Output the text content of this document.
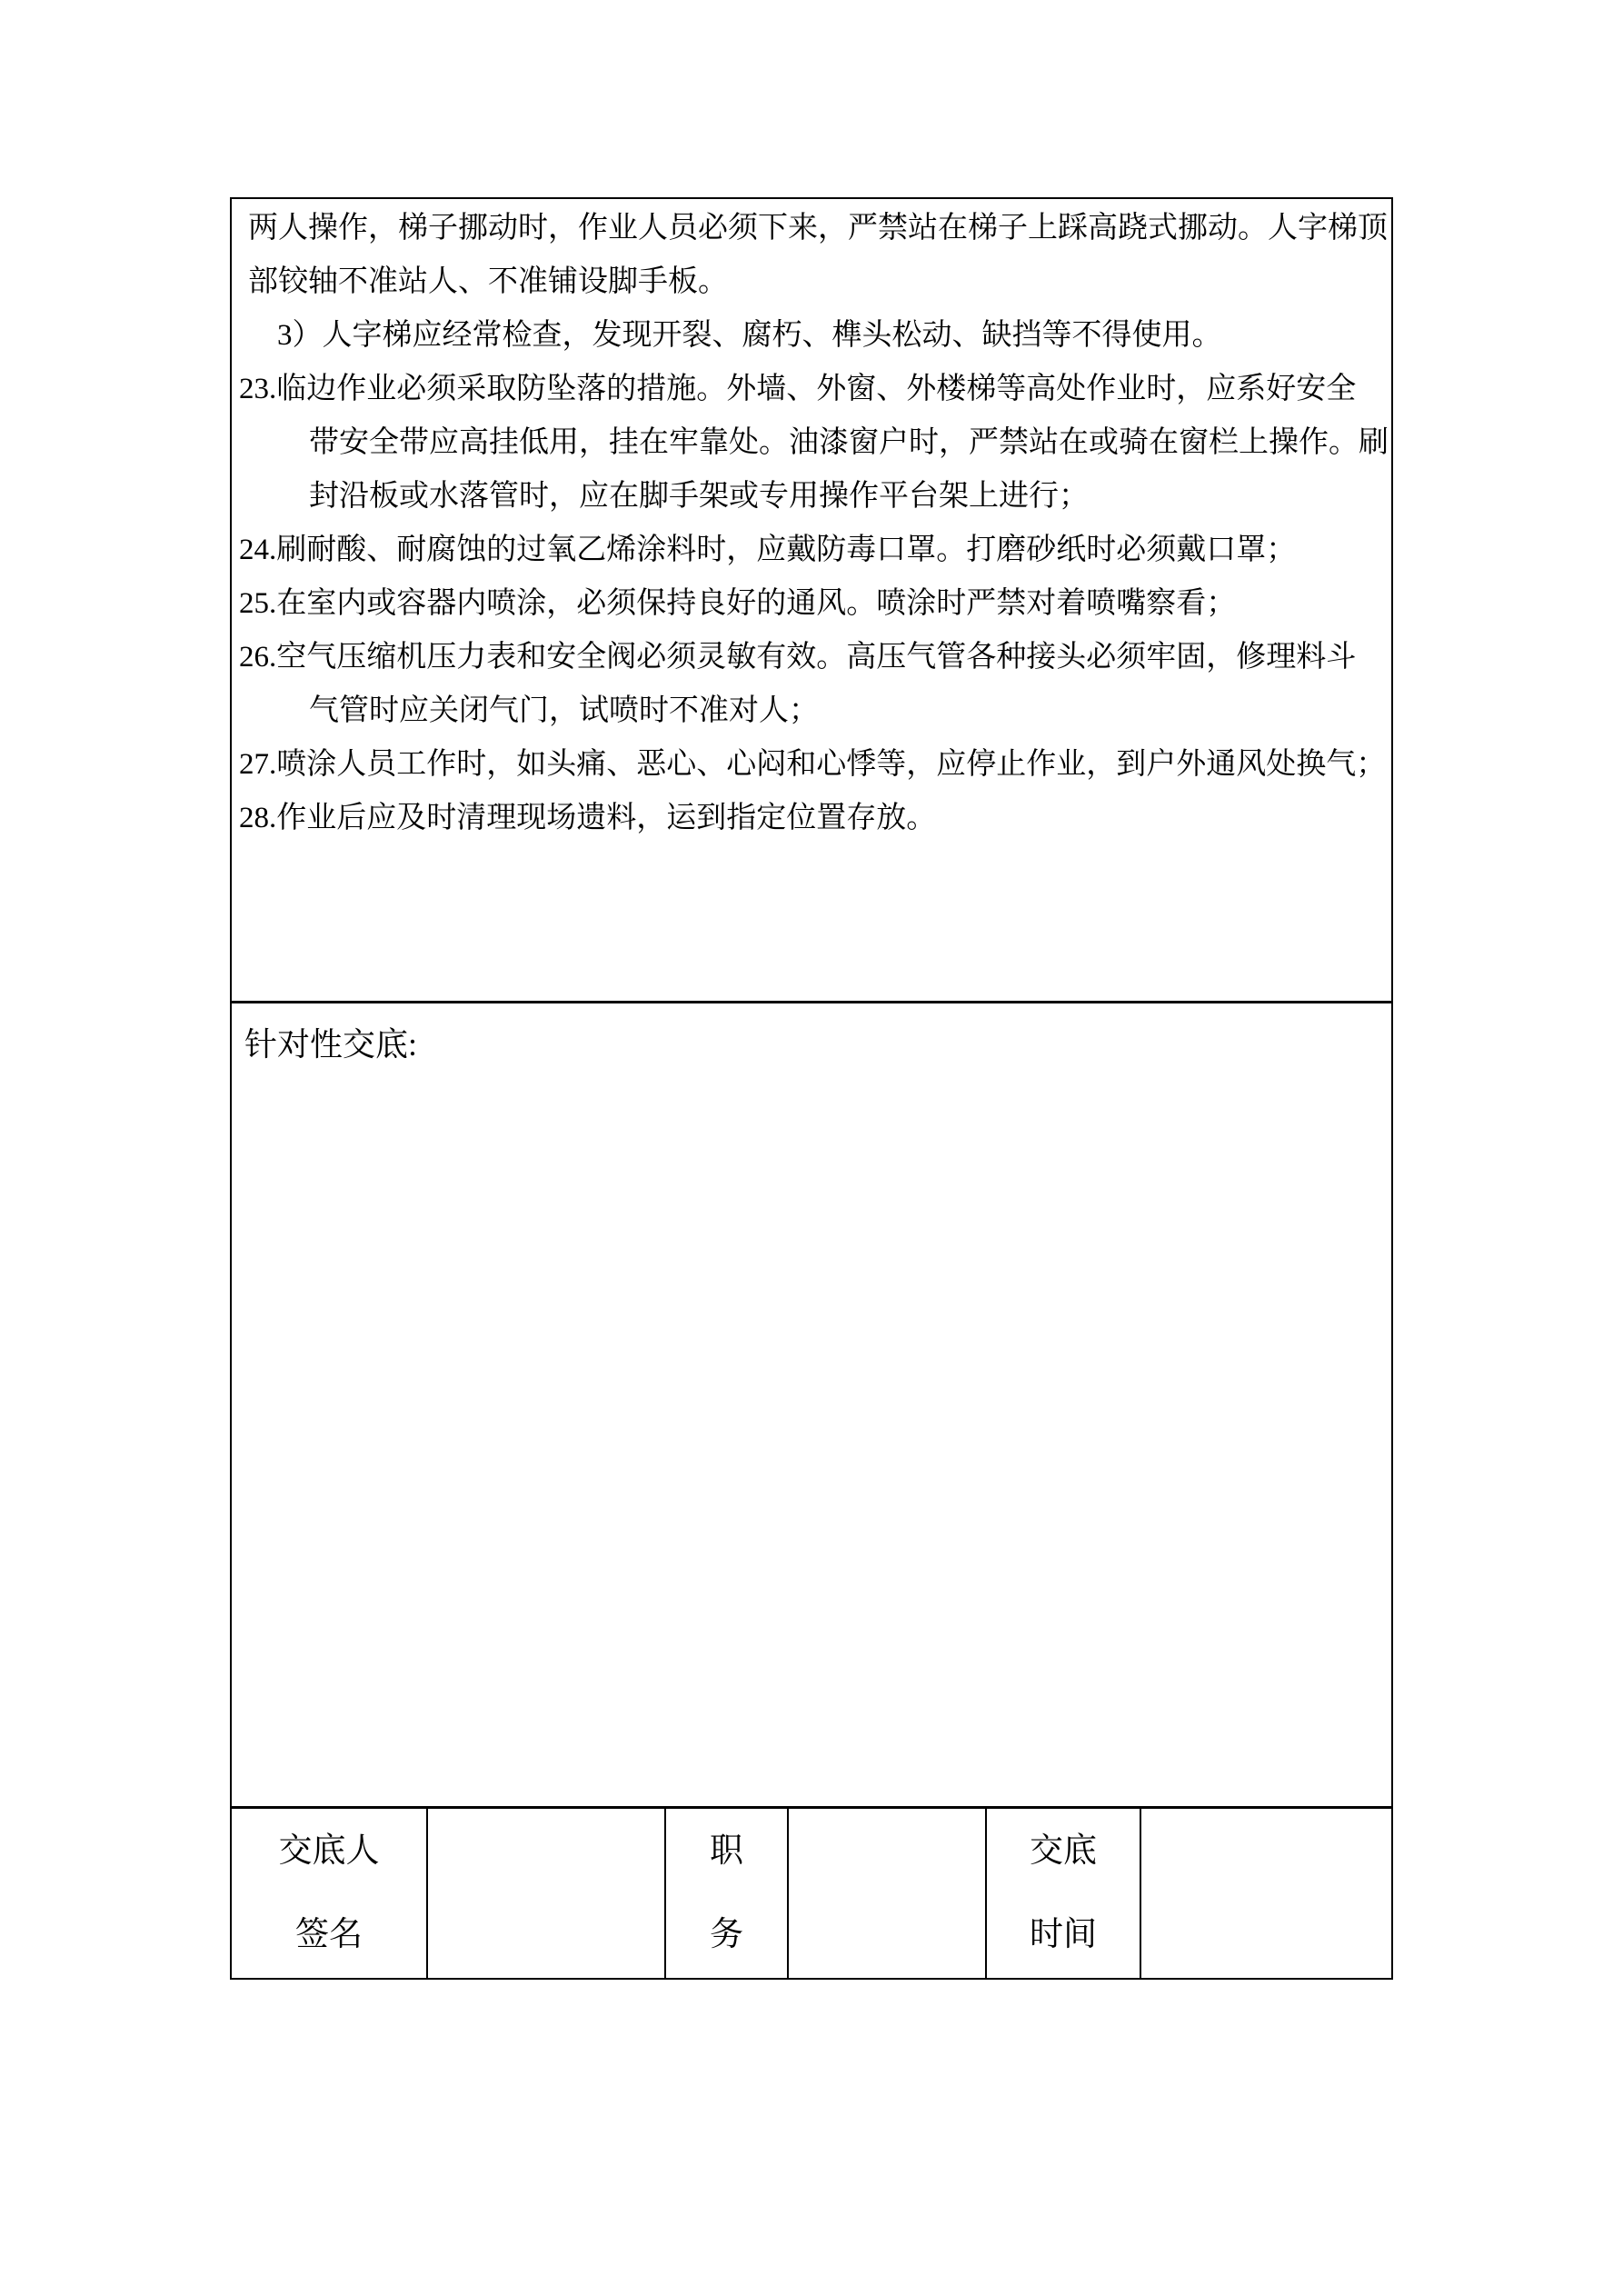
两人操作，梯子挪动时，作业人员必须下来，严禁站在梯子上踩高跷式挪动。人字梯顶
部铰轴不准站人、不准铺设脚手板。
3）人字梯应经常检查，发现开裂、腐朽、榫头松动、缺挡等不得使用。
23.临边作业必须采取防坠落的措施。外墙、外窗、外楼梯等高处作业时，应系好安全
带安全带应高挂低用，挂在牢靠处。油漆窗户时，严禁站在或骑在窗栏上操作。刷
封沿板或水落管时，应在脚手架或专用操作平台架上进行；
24.刷耐酸、耐腐蚀的过氧乙烯涂料时，应戴防毒口罩。打磨砂纸时必须戴口罩；
25.在室内或容器内喷涂，必须保持良好的通风。喷涂时严禁对着喷嘴察看；
26.空气压缩机压力表和安全阀必须灵敏有效。高压气管各种接头必须牢固，修理料斗
气管时应关闭气门，试喷时不准对人；
27.喷涂人员工作时，如头痛、恶心、心闷和心悸等，应停止作业，到户外通风处换气；
28.作业后应及时清理现场遗料，运到指定位置存放。
针对性交底:
交底人
签名
职
务
交底
时间
